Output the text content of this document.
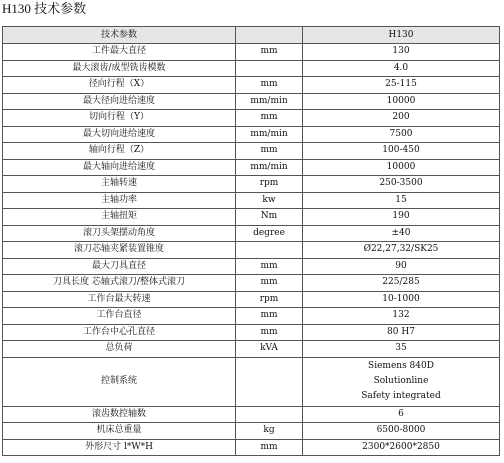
H130 技术参数
技术参数		H130
工件最大直径	mm	130
最大滚齿/成型铣齿模数		4.0
径向行程（X）	mm	25-115
最大径向进给速度	mm/min	10000
切向行程（Y）	mm	200
最大切向进给速度	mm/min	7500
轴向行程（Z）	mm	100-450
最大轴向进给速度	mm/min	10000
主轴转速	rpm	250-3500
主轴功率	kw	15
主轴扭矩	Nm	190
滚刀头架摆动角度	degree	±40
滚刀芯轴夹紧装置锥度		Ø22,27,32/SK25
最大刀具直径	mm	90
刀具长度 芯轴式滚刀/整体式滚刀	mm	225/285
工作台最大转速	rpm	10-1000
工作台直径	mm	132
工作台中心孔直径	mm	80 H7
总负荷	kVA	35
控制系统		Siemens 840D
Solutionline
Safety integrated

滚齿数控轴数		6
机床总重量	kg	6500-8000
外形尺寸 l*W*H	mm	2300*2600*2850
